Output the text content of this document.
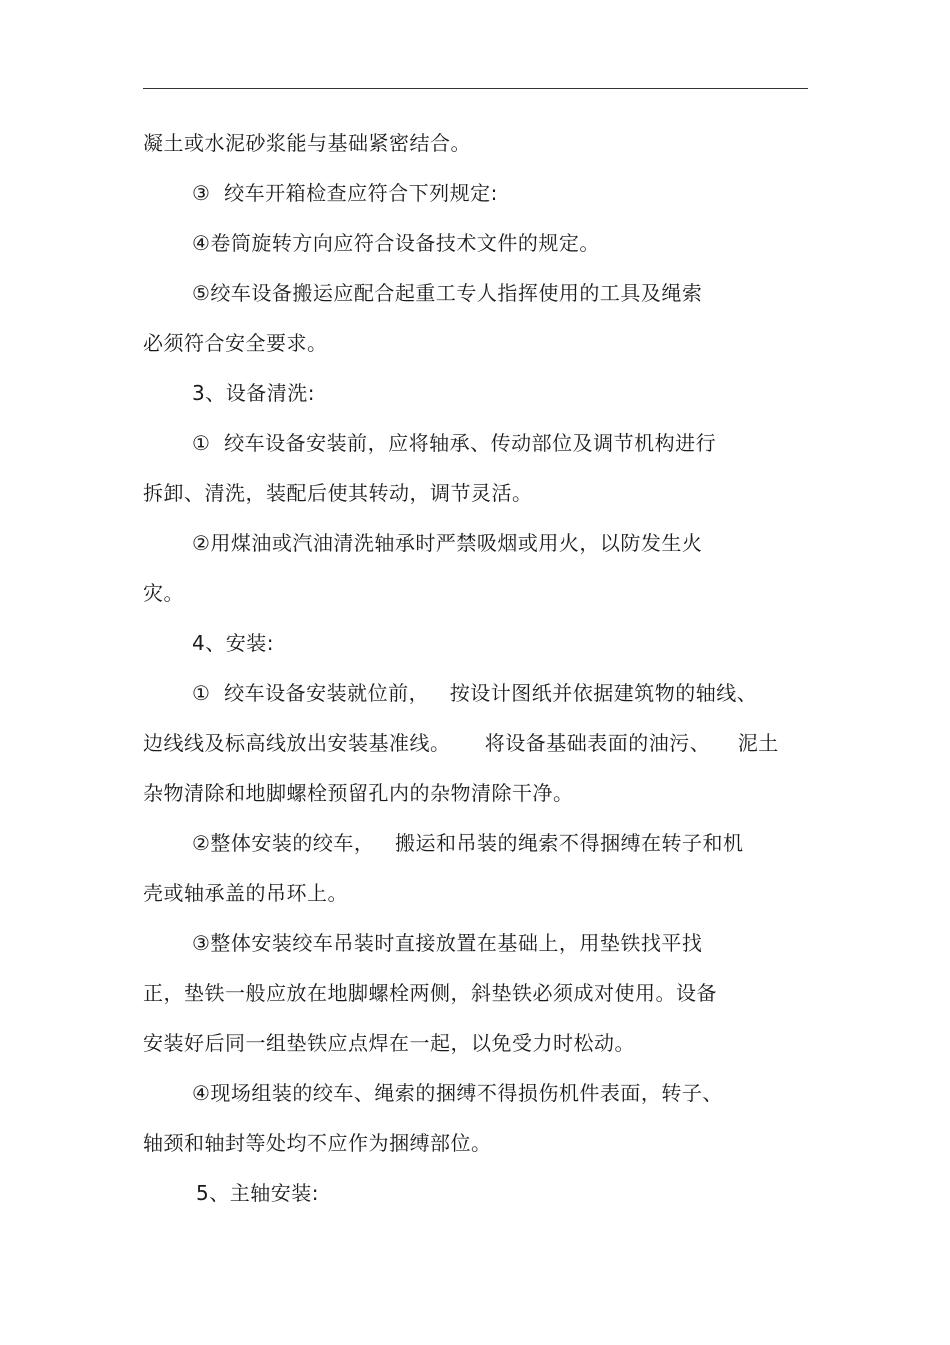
凝土或水泥砂浆能与基础紧密结合。
③  绞车开箱检查应符合下列规定:
④卷筒旋转方向应符合设备技术文件的规定。
⑤绞车设备搬运应配合起重工专人指挥使用的工具及绳索
必须符合安全要求。
3、设备清洗:
①  绞车设备安装前，应将轴承、传动部位及调节机构进行
拆卸、清洗，装配后使其转动，调节灵活。
②用煤油或汽油清洗轴承时严禁吸烟或用火，以防发生火
灾。
4、安装:
①  绞车设备安装就位前，   按设计图纸并依据建筑物的轴线、
边线线及标高线放出安装基准线。     将设备基础表面的油污、    泥土
杂物清除和地脚螺栓预留孔内的杂物清除干净。
②整体安装的绞车，   搬运和吊装的绳索不得捆缚在转子和机
壳或轴承盖的吊环上。
③整体安装绞车吊装时直接放置在基础上，用垫铁找平找
正，垫铁一般应放在地脚螺栓两侧，斜垫铁必须成对使用。设备
安装好后同一组垫铁应点焊在一起，以免受力时松动。
④现场组装的绞车、绳索的捆缚不得损伤机件表面，转子、
轴颈和轴封等处均不应作为捆缚部位。
5、主轴安装:
